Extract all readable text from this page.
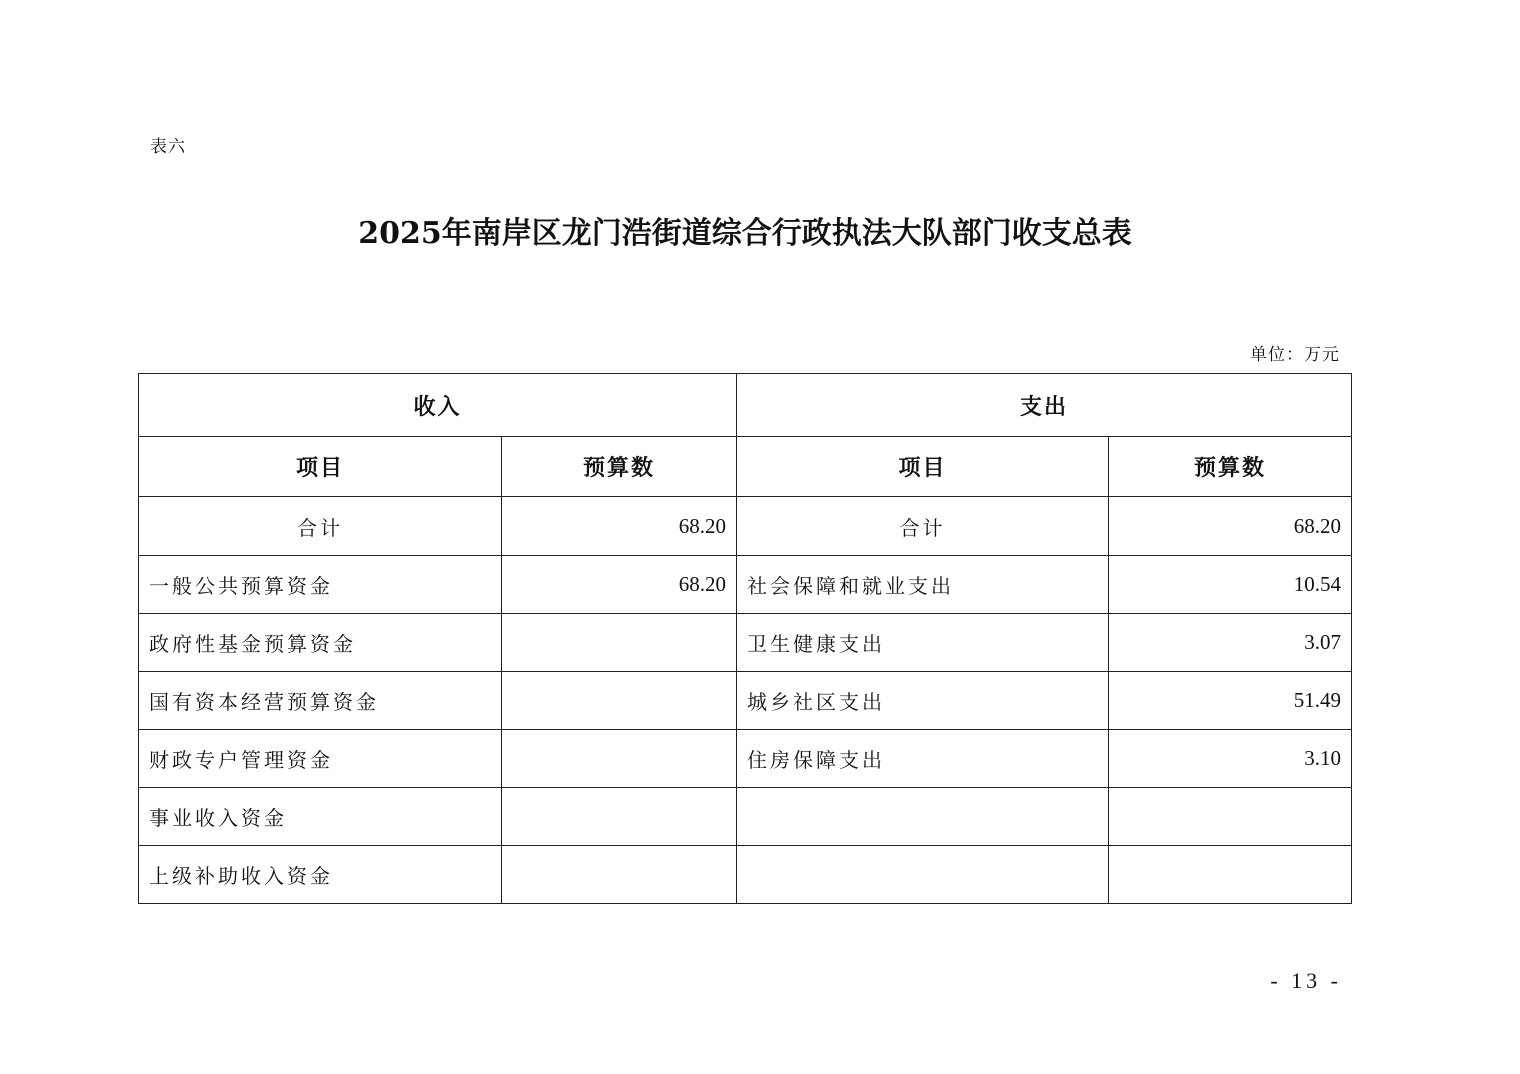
表六
2025年南岸区龙门浩街道综合行政执法大队部门收支总表
单位：万元
收入		支出	
项目	预算数	项目	预算数
合计	68.20	合计	68.20
一般公共预算资金	68.20	社会保障和就业支出	10.54
政府性基金预算资金		卫生健康支出	3.07
国有资本经营预算资金		城乡社区支出	51.49
财政专户管理资金		住房保障支出	3.10
事业收入资金			
上级补助收入资金			
- 13 -
